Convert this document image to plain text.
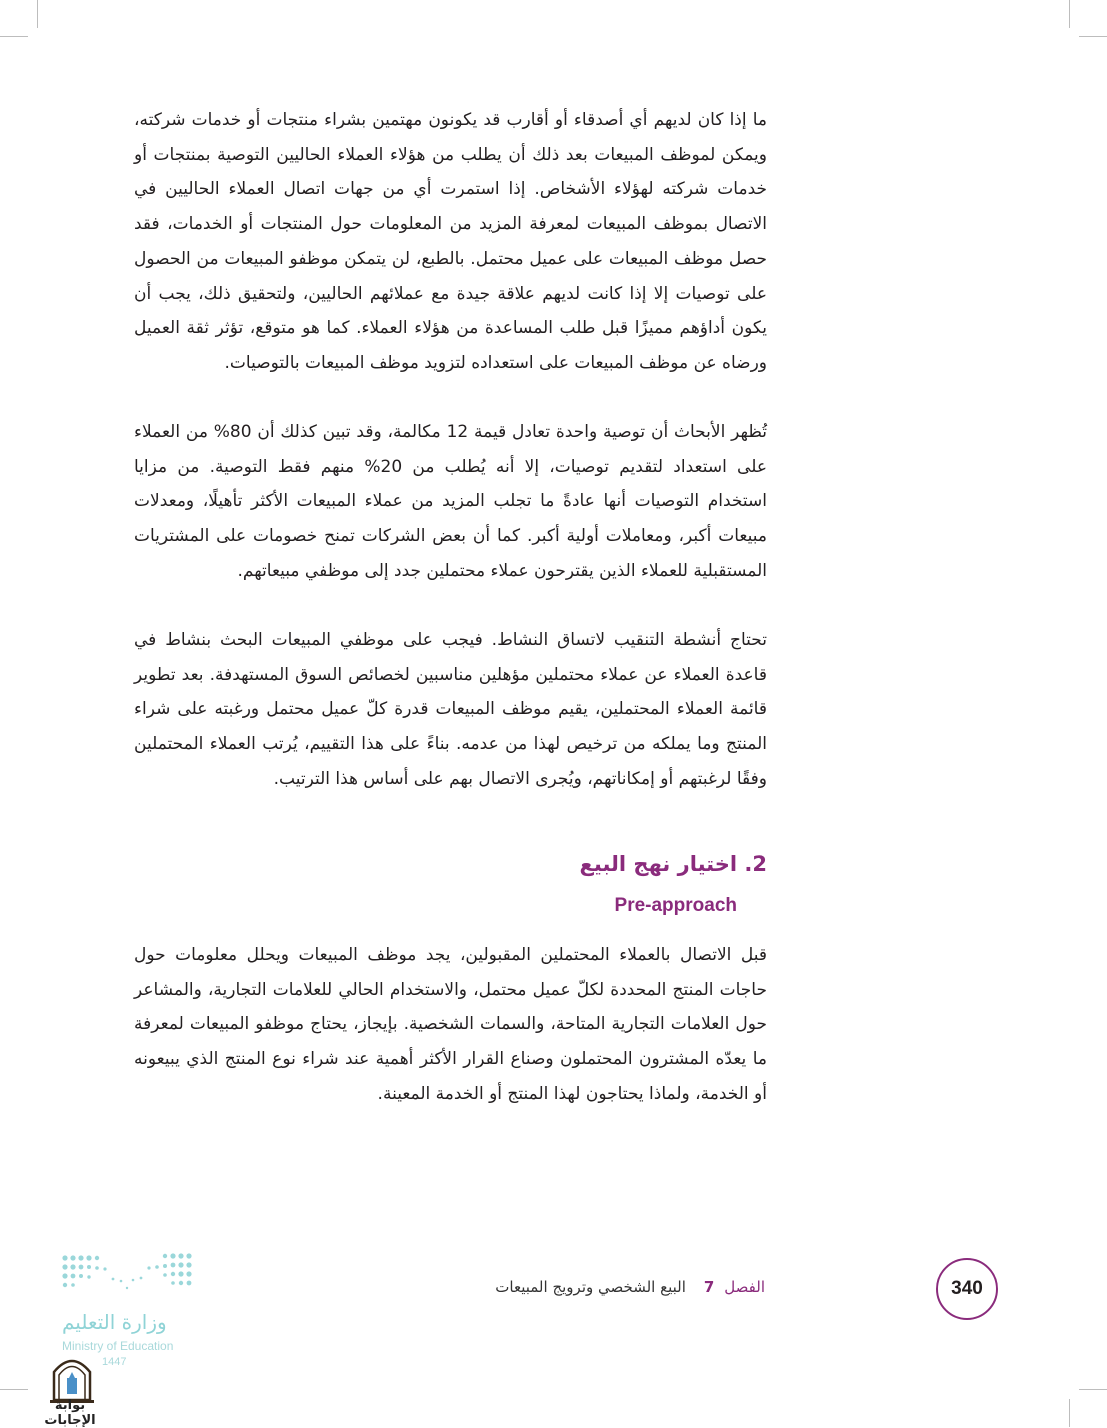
ما إذا كان لديهم أي أصدقاء أو أقارب قد يكونون مهتمين بشراء منتجات أو خدمات شركته، ويمكن لموظف المبيعات بعد ذلك أن يطلب من هؤلاء العملاء الحاليين التوصية بمنتجات أو خدمات شركته لهؤلاء الأشخاص. إذا استمرت أي من جهات اتصال العملاء الحاليين في الاتصال بموظف المبيعات لمعرفة المزيد من المعلومات حول المنتجات أو الخدمات، فقد حصل موظف المبيعات على عميل محتمل. بالطبع، لن يتمكن موظفو المبيعات من الحصول على توصيات إلا إذا كانت لديهم علاقة جيدة مع عملائهم الحاليين، ولتحقيق ذلك، يجب أن يكون أداؤهم مميزًا قبل طلب المساعدة من هؤلاء العملاء. كما هو متوقع، تؤثر ثقة العميل ورضاه عن موظف المبيعات على استعداده لتزويد موظف المبيعات بالتوصيات.
تُظهر الأبحاث أن توصية واحدة تعادل قيمة 12 مكالمة، وقد تبين كذلك أن 80% من العملاء على استعداد لتقديم توصيات، إلا أنه يُطلب من 20% منهم فقط التوصية. من مزايا استخدام التوصيات أنها عادةً ما تجلب المزيد من عملاء المبيعات الأكثر تأهيلًا، ومعدلات مبيعات أكبر، ومعاملات أولية أكبر. كما أن بعض الشركات تمنح خصومات على المشتريات المستقبلية للعملاء الذين يقترحون عملاء محتملين جدد إلى موظفي مبيعاتهم.
تحتاج أنشطة التنقيب لاتساق النشاط. فيجب على موظفي المبيعات البحث بنشاط في قاعدة العملاء عن عملاء محتملين مؤهلين مناسبين لخصائص السوق المستهدفة. بعد تطوير قائمة العملاء المحتملين، يقيم موظف المبيعات قدرة كلّ عميل محتمل ورغبته على شراء المنتج وما يملكه من ترخيص لهذا من عدمه. بناءً على هذا التقييم، يُرتب العملاء المحتملين وفقًا لرغبتهم أو إمكاناتهم، ويُجرى الاتصال بهم على أساس هذا الترتيب.
2. اختيار نهج البيع
Pre-approach
قبل الاتصال بالعملاء المحتملين المقبولين، يجد موظف المبيعات ويحلل معلومات حول حاجات المنتج المحددة لكلّ عميل محتمل، والاستخدام الحالي للعلامات التجارية، والمشاعر حول العلامات التجارية المتاحة، والسمات الشخصية. بإيجاز، يحتاج موظفو المبيعات لمعرفة ما يعدّه المشترون المحتملون وصناع القرار الأكثر أهمية عند شراء نوع المنتج الذي يبيعونه أو الخدمة، ولماذا يحتاجون لهذا المنتج أو الخدمة المعينة.
340
الفصل7البيع الشخصي وترويج المبيعات
وزارة التعليم
Ministry of Education
1447
بوابة الإجابات
